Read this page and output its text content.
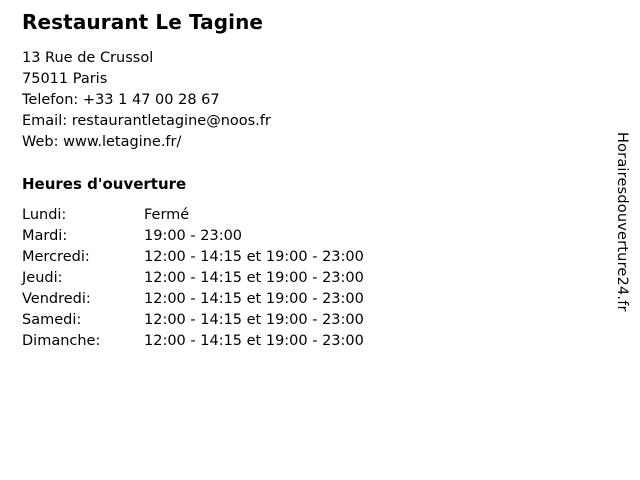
Restaurant Le Tagine

13 Rue de Crussol

75011 Paris

Telefon: +33 1 47 00 28 67

Email: restaurantletagine@noos.fr

Web: www.letagine.fr/

Heures d'ouverture
Lundi:	Fermé
Mardi:	19:00 - 23:00
Mercredi:	12:00 - 14:15 et 19:00 - 23:00
Jeudi:	12:00 - 14:15 et 19:00 - 23:00
Vendredi:	12:00 - 14:15 et 19:00 - 23:00
Samedi:	12:00 - 14:15 et 19:00 - 23:00
Dimanche:	12:00 - 14:15 et 19:00 - 23:00
Horairesdouverture24.fr
